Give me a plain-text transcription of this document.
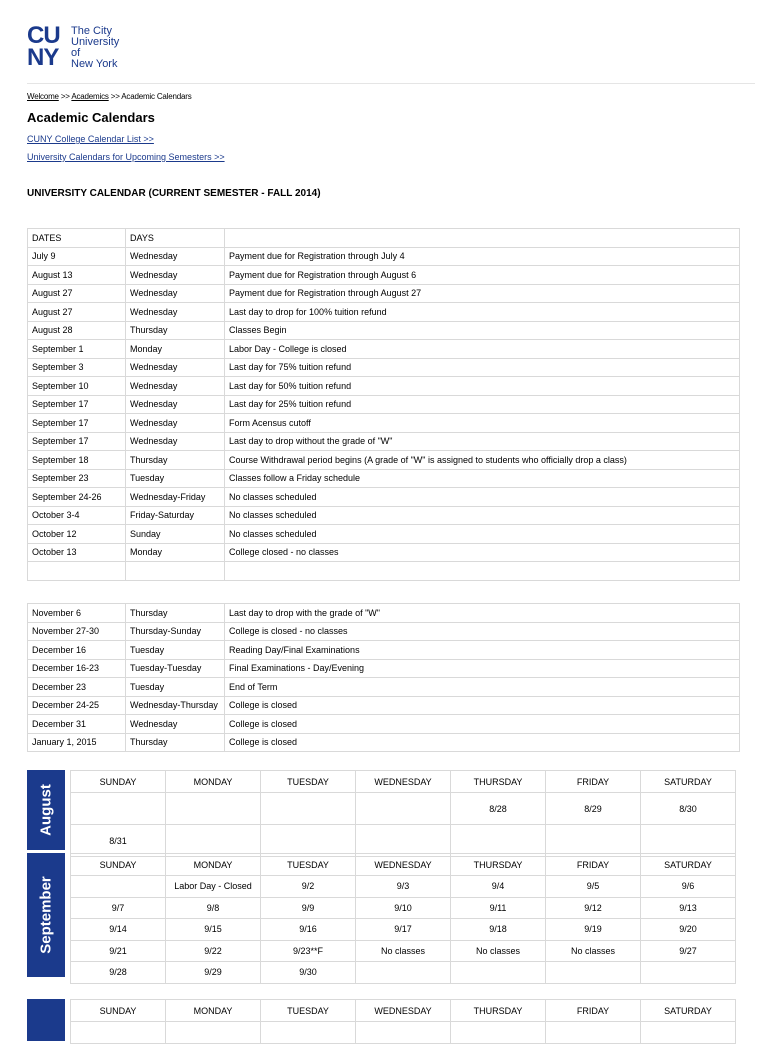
CU
NY
The City
University
of
New York
Welcome >> Academics >> Academic Calendars
Academic Calendars
CUNY College Calendar List >>
University Calendars for Upcoming Semesters >>
UNIVERSITY CALENDAR (CURRENT SEMESTER - FALL 2014)
DATES	DAYS	
July 9	Wednesday	Payment due for Registration through July 4
August 13	Wednesday	Payment due for Registration through August 6
August 27	Wednesday	Payment due for Registration through August 27
August 27	Wednesday	Last day to drop for 100% tuition refund
August 28	Thursday	Classes Begin
September 1	Monday	Labor Day - College is closed
September 3	Wednesday	Last day for 75% tuition refund
September 10	Wednesday	Last day for 50% tuition refund
September 17	Wednesday	Last day for 25% tuition refund
September 17	Wednesday	Form Acensus cutoff
September 17	Wednesday	Last day to drop without the grade of "W"
September 18	Thursday	Course Withdrawal period begins (A grade of "W" is assigned to students who officially drop a class)
September 23	Tuesday	Classes follow a Friday schedule
September 24-26	Wednesday-Friday	No classes scheduled
October 3-4	Friday-Saturday	No classes scheduled
October 12	Sunday	No classes scheduled
October 13	Monday	College closed - no classes

November 6	Thursday	Last day to drop with the grade of "W"
November 27-30	Thursday-Sunday	College is closed - no classes
December 16	Tuesday	Reading Day/Final Examinations
December 16-23	Tuesday-Tuesday	Final Examinations - Day/Evening
December 23	Tuesday	End of Term
December 24-25	Wednesday-Thursday	College is closed
December 31	Wednesday	College is closed
January 1, 2015	Thursday	College is closed
August
SUNDAY	MONDAY	TUESDAY	WEDNESDAY	THURSDAY	FRIDAY	SATURDAY
				8/28	8/29	8/30
8/31						
September
SUNDAY	MONDAY	TUESDAY	WEDNESDAY	THURSDAY	FRIDAY	SATURDAY
	Labor Day - Closed	9/2	9/3	9/4	9/5	9/6
9/7	9/8	9/9	9/10	9/11	9/12	9/13
9/14	9/15	9/16	9/17	9/18	9/19	9/20
9/21	9/22	9/23**F	No classes	No classes	No classes	9/27
9/28	9/29	9/30				
SUNDAY	MONDAY	TUESDAY	WEDNESDAY	THURSDAY	FRIDAY	SATURDAY
